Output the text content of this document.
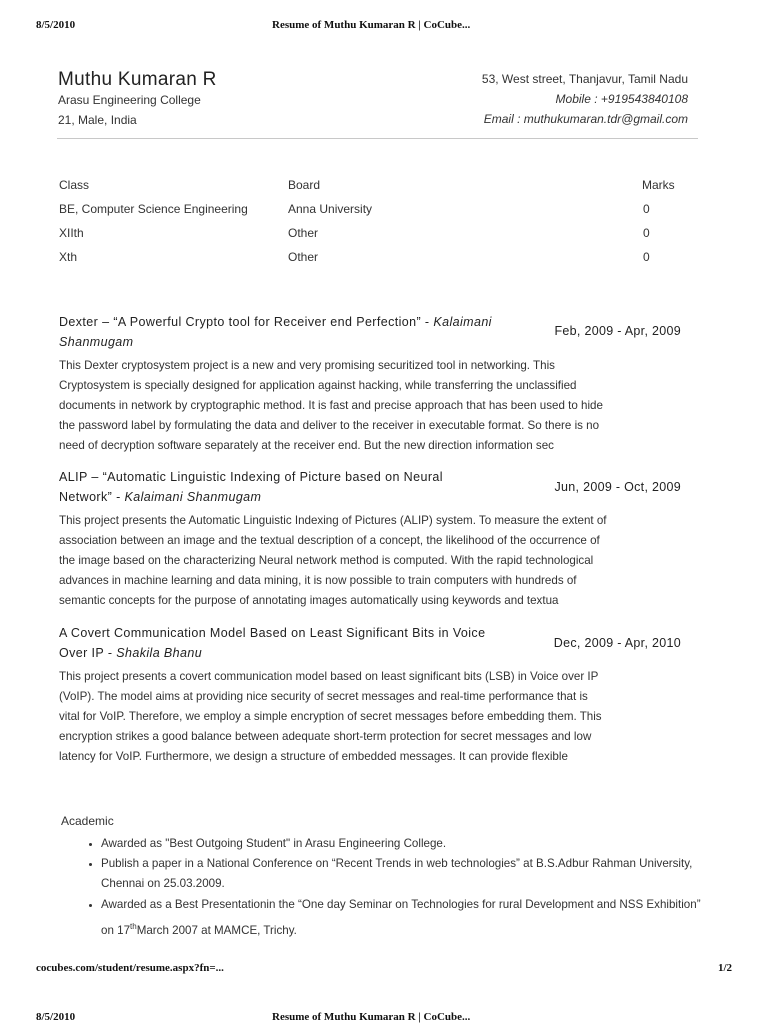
8/5/2010	Resume of Muthu Kumaran R | CoCube...
Muthu Kumaran R
Arasu Engineering College
21, Male, India
53, West street, Thanjavur, Tamil Nadu
Mobile : +919543840108
Email : muthukumaran.tdr@gmail.com
Class	Board	Marks
BE, Computer Science Engineering	Anna University	0
XIIth	Other	0
Xth	Other	0
Dexter – “A Powerful Crypto tool for Receiver end Perfection” - Kalaimani Shanmugam
Feb, 2009 - Apr, 2009

This Dexter cryptosystem project is a new and very promising securitized tool in networking. This

Cryptosystem is specially designed for application against hacking, while transferring the unclassified

documents in network by cryptographic method. It is fast and precise approach that has been used to hide

the password label by formulating the data and deliver to the receiver in executable format. So there is no

need of decryption software separately at the receiver end. But the new direction information sec

ALIP – “Automatic Linguistic Indexing of Picture based on Neural Network” - Kalaimani Shanmugam
Jun, 2009 - Oct, 2009

This project presents the Automatic Linguistic Indexing of Pictures (ALIP) system. To measure the extent of

association between an image and the textual description of a concept, the likelihood of the occurrence of

the image based on the characterizing Neural network method is computed. With the rapid technological

advances in machine learning and data mining, it is now possible to train computers with hundreds of

semantic concepts for the purpose of annotating images automatically using keywords and textua

A Covert Communication Model Based on Least Significant Bits in Voice Over IP - Shakila Bhanu
Dec, 2009 - Apr, 2010

This project presents a covert communication model based on least significant bits (LSB) in Voice over IP

(VoIP). The model aims at providing nice security of secret messages and real-time performance that is

vital for VoIP. Therefore, we employ a simple encryption of secret messages before embedding them. This

encryption strikes a good balance between adequate short-term protection for secret messages and low

latency for VoIP. Furthermore, we design a structure of embedded messages. It can provide flexible

Academic
• Awarded as "Best Outgoing Student" in Arasu Engineering College.
• Publish a paper in a National Conference on “Recent Trends in web technologies” at B.S.Adbur Rahman University, Chennai on 25.03.2009.
• Awarded as a Best Presentationin the “One day Seminar on Technologies for rural Development and NSS Exhibition” on 17thMarch 2007 at MAMCE, Trichy.
cocubes.com/student/resume.aspx?fn=...	1/2
8/5/2010	Resume of Muthu Kumaran R | CoCube...
